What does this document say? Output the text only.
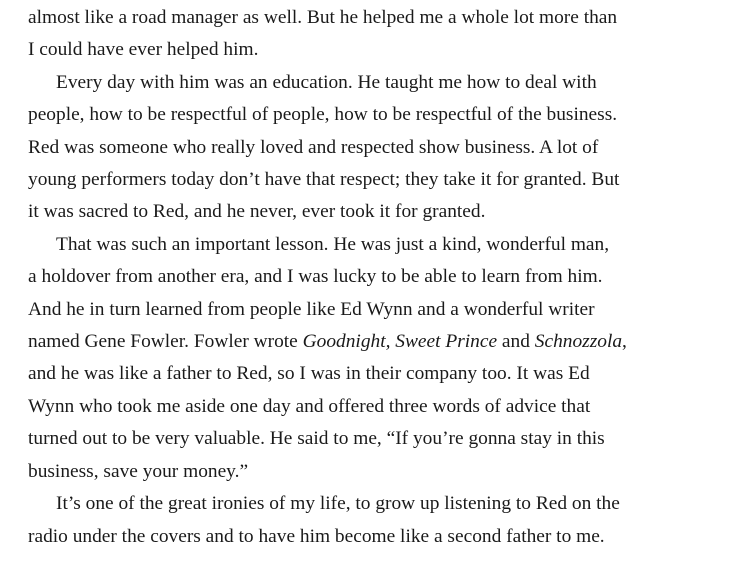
almost like a road manager as well. But he helped me a whole lot more than
I could have ever helped him.
Every day with him was an education. He taught me how to deal with
people, how to be respectful of people, how to be respectful of the business.
Red was someone who really loved and respected show business. A lot of
young performers today don’t have that respect; they take it for granted. But
it was sacred to Red, and he never, ever took it for granted.
That was such an important lesson. He was just a kind, wonderful man,
a holdover from another era, and I was lucky to be able to learn from him.
And he in turn learned from people like Ed Wynn and a wonderful writer
named Gene Fowler. Fowler wrote Goodnight, Sweet Prince and Schnozzola,
and he was like a father to Red, so I was in their company too. It was Ed
Wynn who took me aside one day and offered three words of advice that
turned out to be very valuable. He said to me, “If you’re gonna stay in this
business, save your money.”
It’s one of the great ironies of my life, to grow up listening to Red on the
radio under the covers and to have him become like a second father to me.
